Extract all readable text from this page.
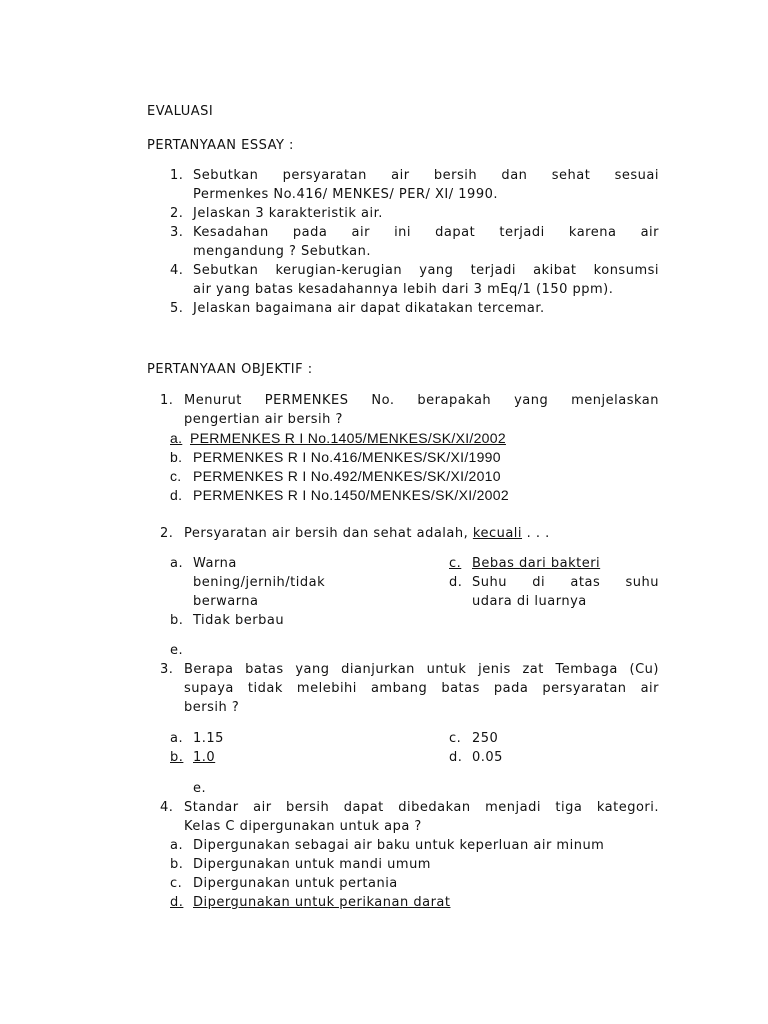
EVALUASI
PERTANYAAN ESSAY :
1. Sebutkan persyaratan air bersih dan sehat sesuai
Permenkes No.416/ MENKES/ PER/ XI/ 1990.
2. Jelaskan 3 karakteristik air.
3. Kesadahan pada air ini dapat terjadi karena air
mengandung ? Sebutkan.
4. Sebutkan kerugian-kerugian yang terjadi akibat konsumsi
air yang batas kesadahannya lebih dari 3 mEq/1 (150 ppm).
5. Jelaskan bagaimana air dapat dikatakan tercemar.
PERTANYAAN OBJEKTIF :
1. Menurut PERMENKES No. berapakah yang menjelaskan
pengertian air bersih ?
a. PERMENKES R I No.1405/MENKES/SK/XI/2002
b. PERMENKES R I No.416/MENKES/SK/XI/1990
c. PERMENKES R I No.492/MENKES/SK/XI/2010
d. PERMENKES R I No.1450/MENKES/SK/XI/2002
2. Persyaratan air bersih dan sehat adalah, kecuali . . .
a. Warna
bening/jernih/tidak
berwarna
b. Tidak berbau
c. Bebas dari bakteri
d. Suhu di atas suhu
udara di luarnya
e.
3. Berapa batas yang dianjurkan untuk jenis zat Tembaga (Cu)
supaya tidak melebihi ambang batas pada persyaratan air
bersih ?
a. 1.15
b. 1.0
c. 250
d. 0.05
e.
4. Standar air bersih dapat dibedakan menjadi tiga kategori.
Kelas C dipergunakan untuk apa ?
a. Dipergunakan sebagai air baku untuk keperluan air minum
b. Dipergunakan untuk mandi umum
c. Dipergunakan untuk pertania
d. Dipergunakan untuk perikanan darat
